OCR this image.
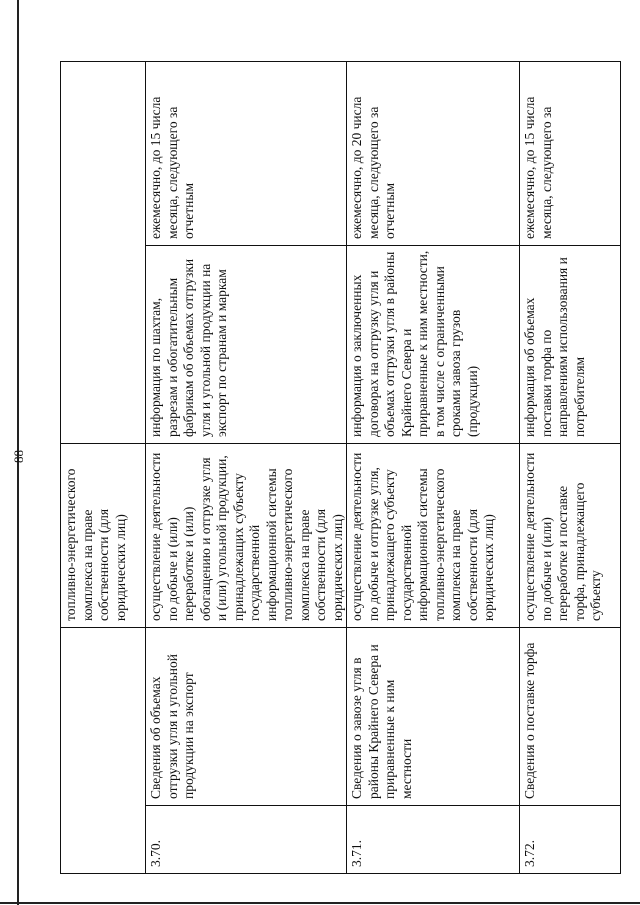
88
		топливно-энергетического комплекса на праве собственности (для юридических лиц)		
3.70.	Сведения об объемах отгрузки угля и угольной продукции на экспорт	осуществление деятельности по добыче и (или) переработке и (или) обогащению и отгрузке угля и (или) угольной продукции, принадлежащих субъекту государственной информационной системы топливно-энергетического комплекса на праве собственности (для юридических лиц)	информация по шахтам, разрезам и обогатительным фабрикам об объемах отгрузки угля и угольной продукции на экспорт по странам и маркам	ежемесячно, до 15 числа месяца, следующего за отчетным
3.71.	Сведения о завозе угля в районы Крайнего Севера и приравненные к ним местности	осуществление деятельности по добыче и отгрузке угля, принадлежащего субъекту государственной информационной системы топливно-энергетического комплекса на праве собственности (для юридических лиц)	информация о заключенных договорах на отгрузку угля и объемах отгрузки угля в районы Крайнего Севера и приравненные к ним местности, в том числе с ограниченными сроками завоза грузов (продукции)	ежемесячно, до 20 числа месяца, следующего за отчетным
3.72.	Сведения о поставке торфа	осуществление деятельности по добыче и (или) переработке и поставке торфа, принадлежащего субъекту	информация об объемах поставки торфа по направлениям использования и потребителям	ежемесячно, до 15 числа месяца, следующего за
